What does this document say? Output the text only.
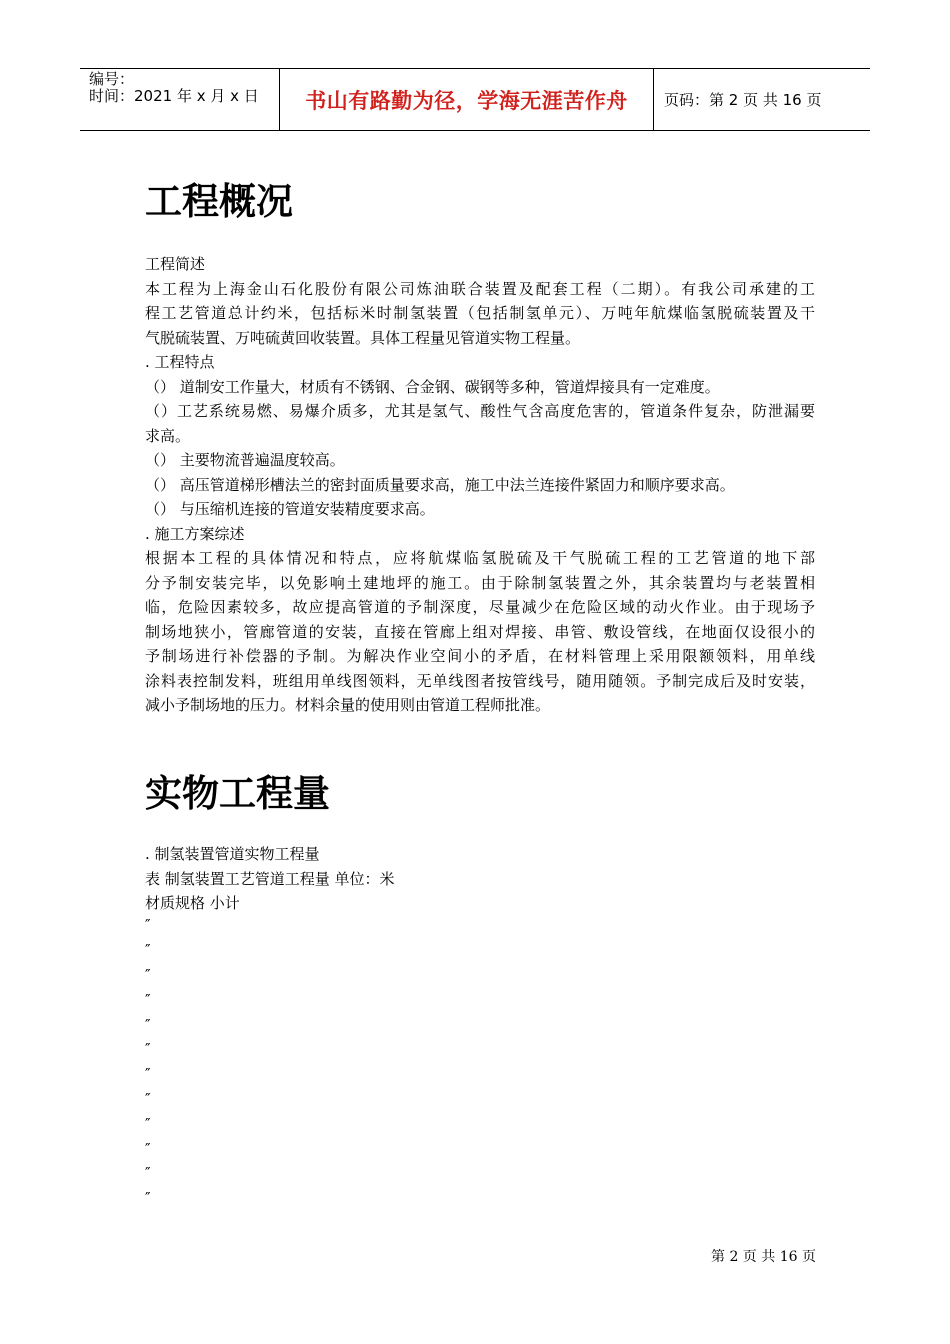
编号：
时间：2021 年 x 月 x 日	书山有路勤为径，学海无涯苦作舟 页码：第 2 页 共 16 页
工程概况
工程简述
本工程为上海金山石化股份有限公司炼油联合装置及配套工程（二期）。有我公司承建的工
程工艺管道总计约米，包括标米时制氢装置（包括制氢单元）、万吨年航煤临氢脱硫装置及干
气脱硫装置、万吨硫黄回收装置。具体工程量见管道实物工程量。
. 工程特点
（） 道制安工作量大，材质有不锈钢、合金钢、碳钢等多种，管道焊接具有一定难度。
（）工艺系统易燃、易爆介质多，尤其是氢气、酸性气含高度危害的，管道条件复杂，防泄漏要
求高。
（） 主要物流普遍温度较高。
（） 高压管道梯形槽法兰的密封面质量要求高，施工中法兰连接件紧固力和顺序要求高。
（） 与压缩机连接的管道安装精度要求高。
. 施工方案综述
根据本工程的具体情况和特点，应将航煤临氢脱硫及干气脱硫工程的工艺管道的地下部
分予制安装完毕，以免影响土建地坪的施工。由于除制氢装置之外，其余装置均与老装置相
临，危险因素较多，故应提高管道的予制深度，尽量减少在危险区域的动火作业。由于现场予
制场地狭小，管廊管道的安装，直接在管廊上组对焊接、串管、敷设管线，在地面仅设很小的
予制场进行补偿器的予制。为解决作业空间小的矛盾，在材料管理上采用限额领料，用单线
涂料表控制发料，班组用单线图领料，无单线图者按管线号，随用随领。予制完成后及时安装，
减小予制场地的压力。材料余量的使用则由管道工程师批准。
实物工程量
. 制氢装置管道实物工程量
表 制氢装置工艺管道工程量 单位：米
材质规格 小计
″
″
″
″
″
″
″
″
″
″
″
″
第 2 页 共 16 页
